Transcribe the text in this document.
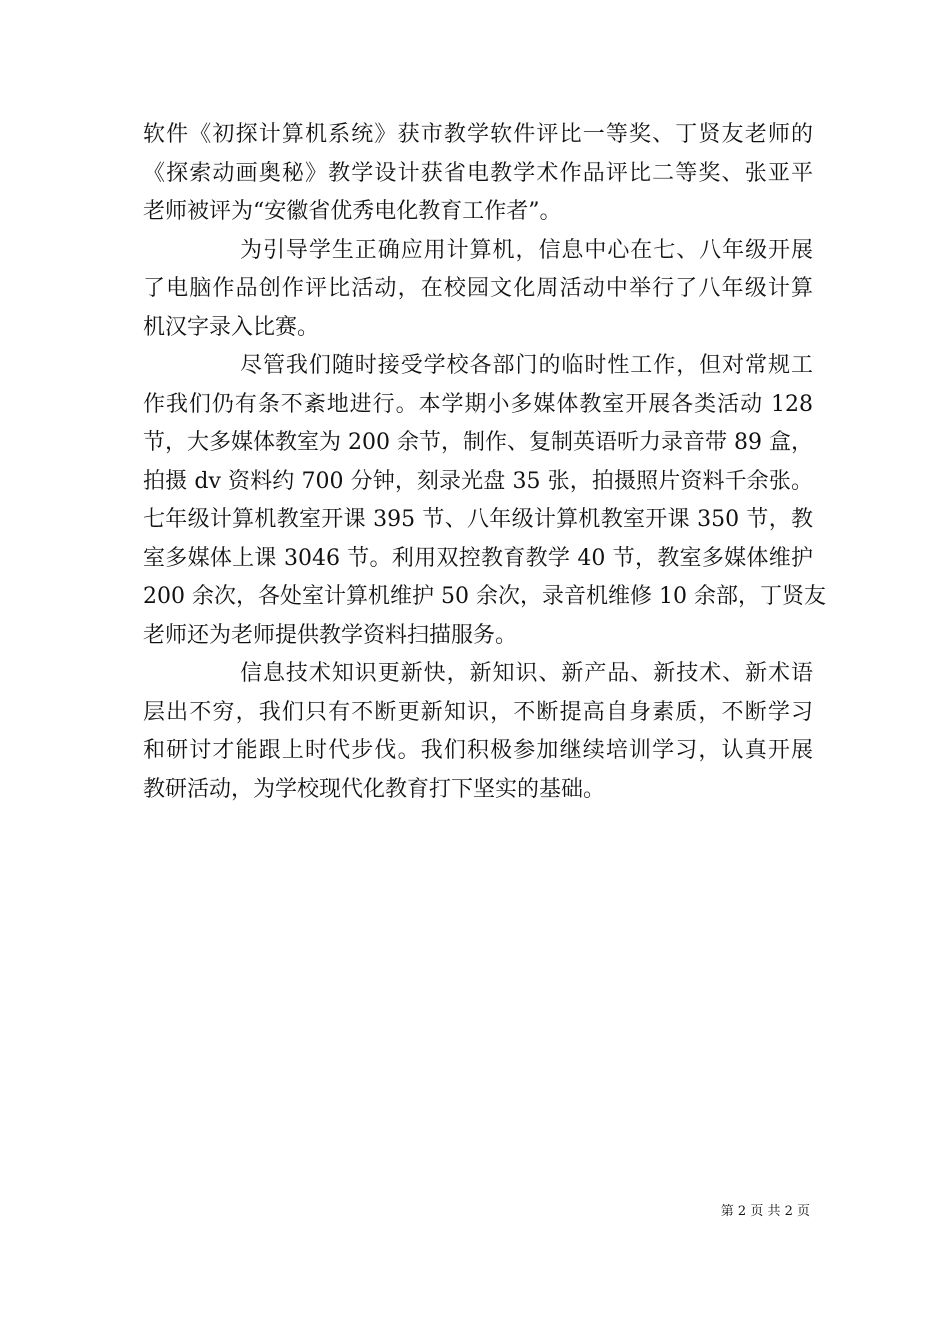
软件《初探计算机系统》获市教学软件评比一等奖、丁贤友老师的
《探索动画奥秘》教学设计获省电教学术作品评比二等奖、张亚平
老师被评为“安徽省优秀电化教育工作者”。
为引导学生正确应用计算机，信息中心在七、八年级开展
了电脑作品创作评比活动，在校园文化周活动中举行了八年级计算
机汉字录入比赛。
尽管我们随时接受学校各部门的临时性工作，但对常规工
作我们仍有条不紊地进行。本学期小多媒体教室开展各类活动 128
节，大多媒体教室为 200 余节，制作、复制英语听力录音带 89 盒，
拍摄 dv 资料约 700 分钟，刻录光盘 35 张，拍摄照片资料千余张。
七年级计算机教室开课 395 节、八年级计算机教室开课 350 节，教
室多媒体上课 3046 节。利用双控教育教学 40 节，教室多媒体维护
200 余次，各处室计算机维护 50 余次，录音机维修 10 余部，丁贤友
老师还为老师提供教学资料扫描服务。
信息技术知识更新快，新知识、新产品、新技术、新术语
层出不穷，我们只有不断更新知识，不断提高自身素质，不断学习
和研讨才能跟上时代步伐。我们积极参加继续培训学习，认真开展
教研活动，为学校现代化教育打下坚实的基础。
第 2 页 共 2 页
